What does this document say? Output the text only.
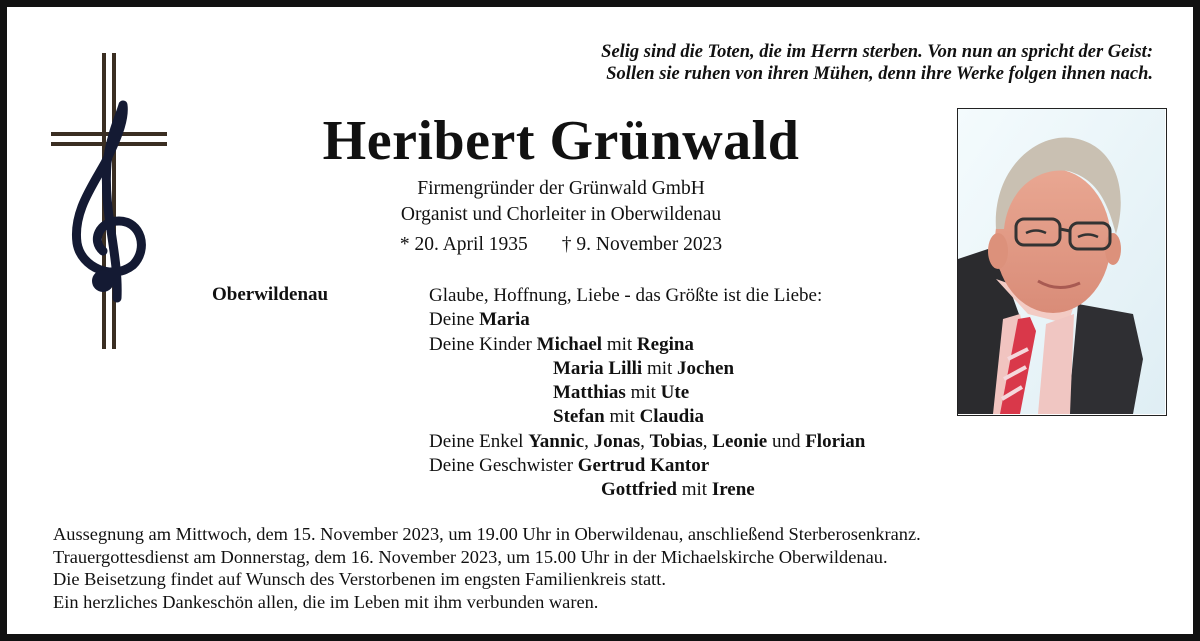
Selig sind die Toten, die im Herrn sterben. Von nun an spricht der Geist:
Sollen sie ruhen von ihren Mühen, denn ihre Werke folgen ihnen nach.
Heribert Grünwald
Firmengründer der Grünwald GmbH
Organist und Chorleiter in Oberwildenau
* 20. April 1935 † 9. November 2023
Oberwildenau	Glaube, Hoffnung, Liebe - das Größte ist die Liebe:
Deine Maria
Deine Kinder Michael mit Regina
Maria Lilli mit Jochen
Matthias mit Ute
Stefan mit Claudia
Deine Enkel Yannic, Jonas, Tobias, Leonie und Florian
Deine Geschwister Gertrud Kantor
Gottfried mit Irene
Aussegnung am Mittwoch, dem 15. November 2023, um 19.00 Uhr in Oberwildenau, anschließend Sterberosenkranz.
Trauergottesdienst am Donnerstag, dem 16. November 2023, um 15.00 Uhr in der Michaelskirche Oberwildenau.
Die Beisetzung findet auf Wunsch des Verstorbenen im engsten Familienkreis statt.
Ein herzliches Dankeschön allen, die im Leben mit ihm verbunden waren.
